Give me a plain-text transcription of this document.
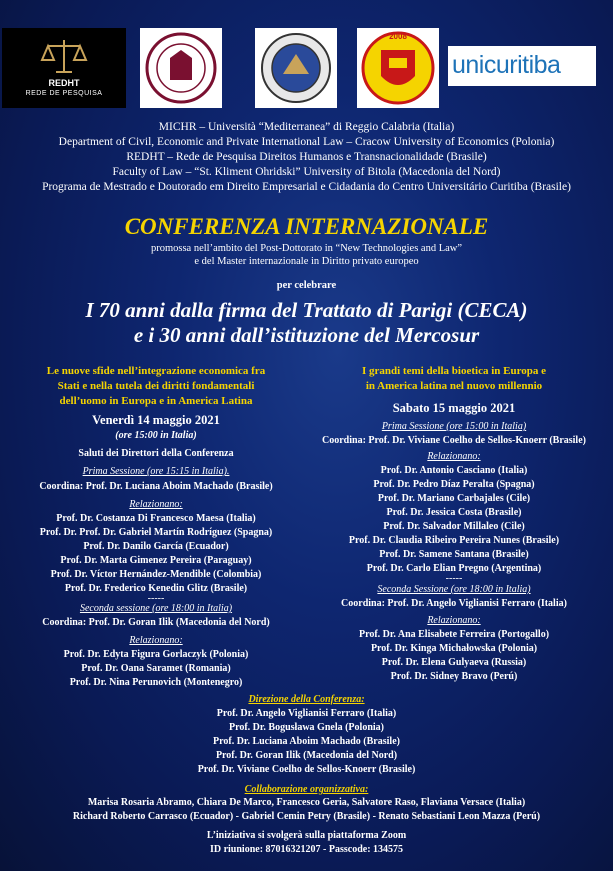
REDHT
REDE DE PESQUISA
2008
unicuritiba
MICHR – Università “Mediterranea” di Reggio Calabria (Italia)
Department of Civil, Economic and Private International Law – Cracow University of Economics (Polonia)
REDHT – Rede de Pesquisa Direitos Humanos e Transnacionalidade (Brasile)
Faculty of Law – “St. Kliment Ohridski” University of Bitola (Macedonia del Nord)
Programa de Mestrado e Doutorado em Direito Empresarial e Cidadania do Centro Universitário Curitiba (Brasile)
CONFERENZA INTERNAZIONALE
promossa nell’ambito del Post-Dottorato in “New Technologies and Law”
e del Master internazionale in Diritto privato europeo
per celebrare
I 70 anni dalla firma del Trattato di Parigi (CECA)
e i 30 anni dall’istituzione del Mercosur
Le nuove sfide nell’integrazione economica fra
Stati e nella tutela dei diritti fondamentali
dell’uomo in Europa e in America Latina
Venerdì 14 maggio 2021
(ore 15:00 in Italia)
Saluti dei Direttori della Conferenza
Prima Sessione (ore 15:15 in Italia).
Coordina: Prof. Dr. Luciana Aboim Machado (Brasile)
Relazionano:
Prof. Dr. Costanza Di Francesco Maesa (Italia)
Prof. Dr. Prof. Dr. Gabriel Martín Rodríguez (Spagna)
Prof. Dr. Danilo García (Ecuador)
Prof. Dr. Marta Gimenez Pereira (Paraguay)
Prof. Dr. Víctor Hernández-Mendible (Colombia)
Prof. Dr. Frederico Kenedin Glitz (Brasile)
-----
Seconda sessione (ore 18:00 in Italia)
Coordina: Prof. Dr. Goran Ilik (Macedonia del Nord)
Relazionano:
Prof. Dr. Edyta Figura Gorlaczyk (Polonia)
Prof. Dr. Oana Saramet (Romania)
Prof. Dr. Nina Perunovich (Montenegro)
I grandi temi della bioetica in Europa e
in America latina nel nuovo millennio
Sabato 15 maggio 2021
Prima Sessione (ore 15:00 in Italia)
Coordina: Prof. Dr. Viviane Coelho de Sellos-Knoerr (Brasile)
Relazionano:
Prof. Dr. Antonio Casciano (Italia)
Prof. Dr. Pedro Díaz Peralta (Spagna)
Prof. Dr. Mariano Carbajales (Cile)
Prof. Dr. Jessica Costa (Brasile)
Prof. Dr. Salvador Millaleo (Cile)
Prof. Dr. Claudia Ribeiro Pereira Nunes (Brasile)
Prof. Dr. Samene Santana (Brasile)
Prof. Dr. Carlo Elian Pregno (Argentina)
-----
Seconda Sessione (ore 18:00 in Italia)
Coordina: Prof. Dr. Angelo Viglianisi Ferraro (Italia)
Relazionano:
Prof. Dr. Ana Elisabete Ferreira (Portogallo)
Prof. Dr. Kinga Michałowska (Polonia)
Prof. Dr. Elena Gulyaeva (Russia)
Prof. Dr. Sidney Bravo (Perú)
Direzione della Conferenza:
Prof. Dr. Angelo Viglianisi Ferraro (Italia)
Prof. Dr. Bogusława Gnela (Polonia)
Prof. Dr. Luciana Aboim Machado (Brasile)
Prof. Dr. Goran Ilik (Macedonia del Nord)
Prof. Dr. Viviane Coelho de Sellos-Knoerr (Brasile)
Collaborazione organizzativa:
Marisa Rosaria Abramo, Chiara De Marco, Francesco Geria, Salvatore Raso, Flaviana Versace (Italia)
Richard Roberto Carrasco (Ecuador) - Gabriel Cemin Petry (Brasile) - Renato Sebastiani Leon Mazza (Perú)
L’iniziativa si svolgerà sulla piattaforma Zoom
ID riunione: 87016321207 - Passcode: 134575
